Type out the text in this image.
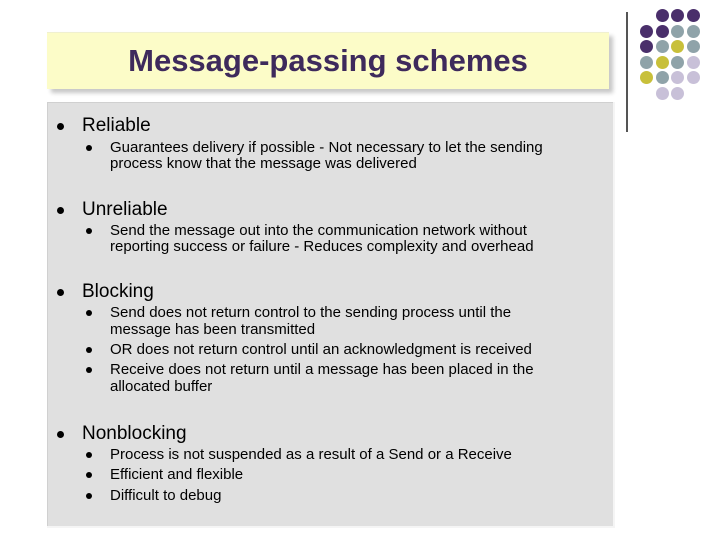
Message-passing schemes
Reliable
Guarantees delivery if possible - Not necessary to let the sending
process know that the message was delivered
Unreliable
Send the message out into the communication network without
reporting success or failure - Reduces complexity and overhead
Blocking
Send does not return control to the sending process until the
message has been transmitted
OR does not return control until an acknowledgment is received
Receive does not return until a message has been placed in the
allocated buffer
Nonblocking
Process is not suspended as a result of a Send or a Receive
Efficient and flexible
Difficult to debug
